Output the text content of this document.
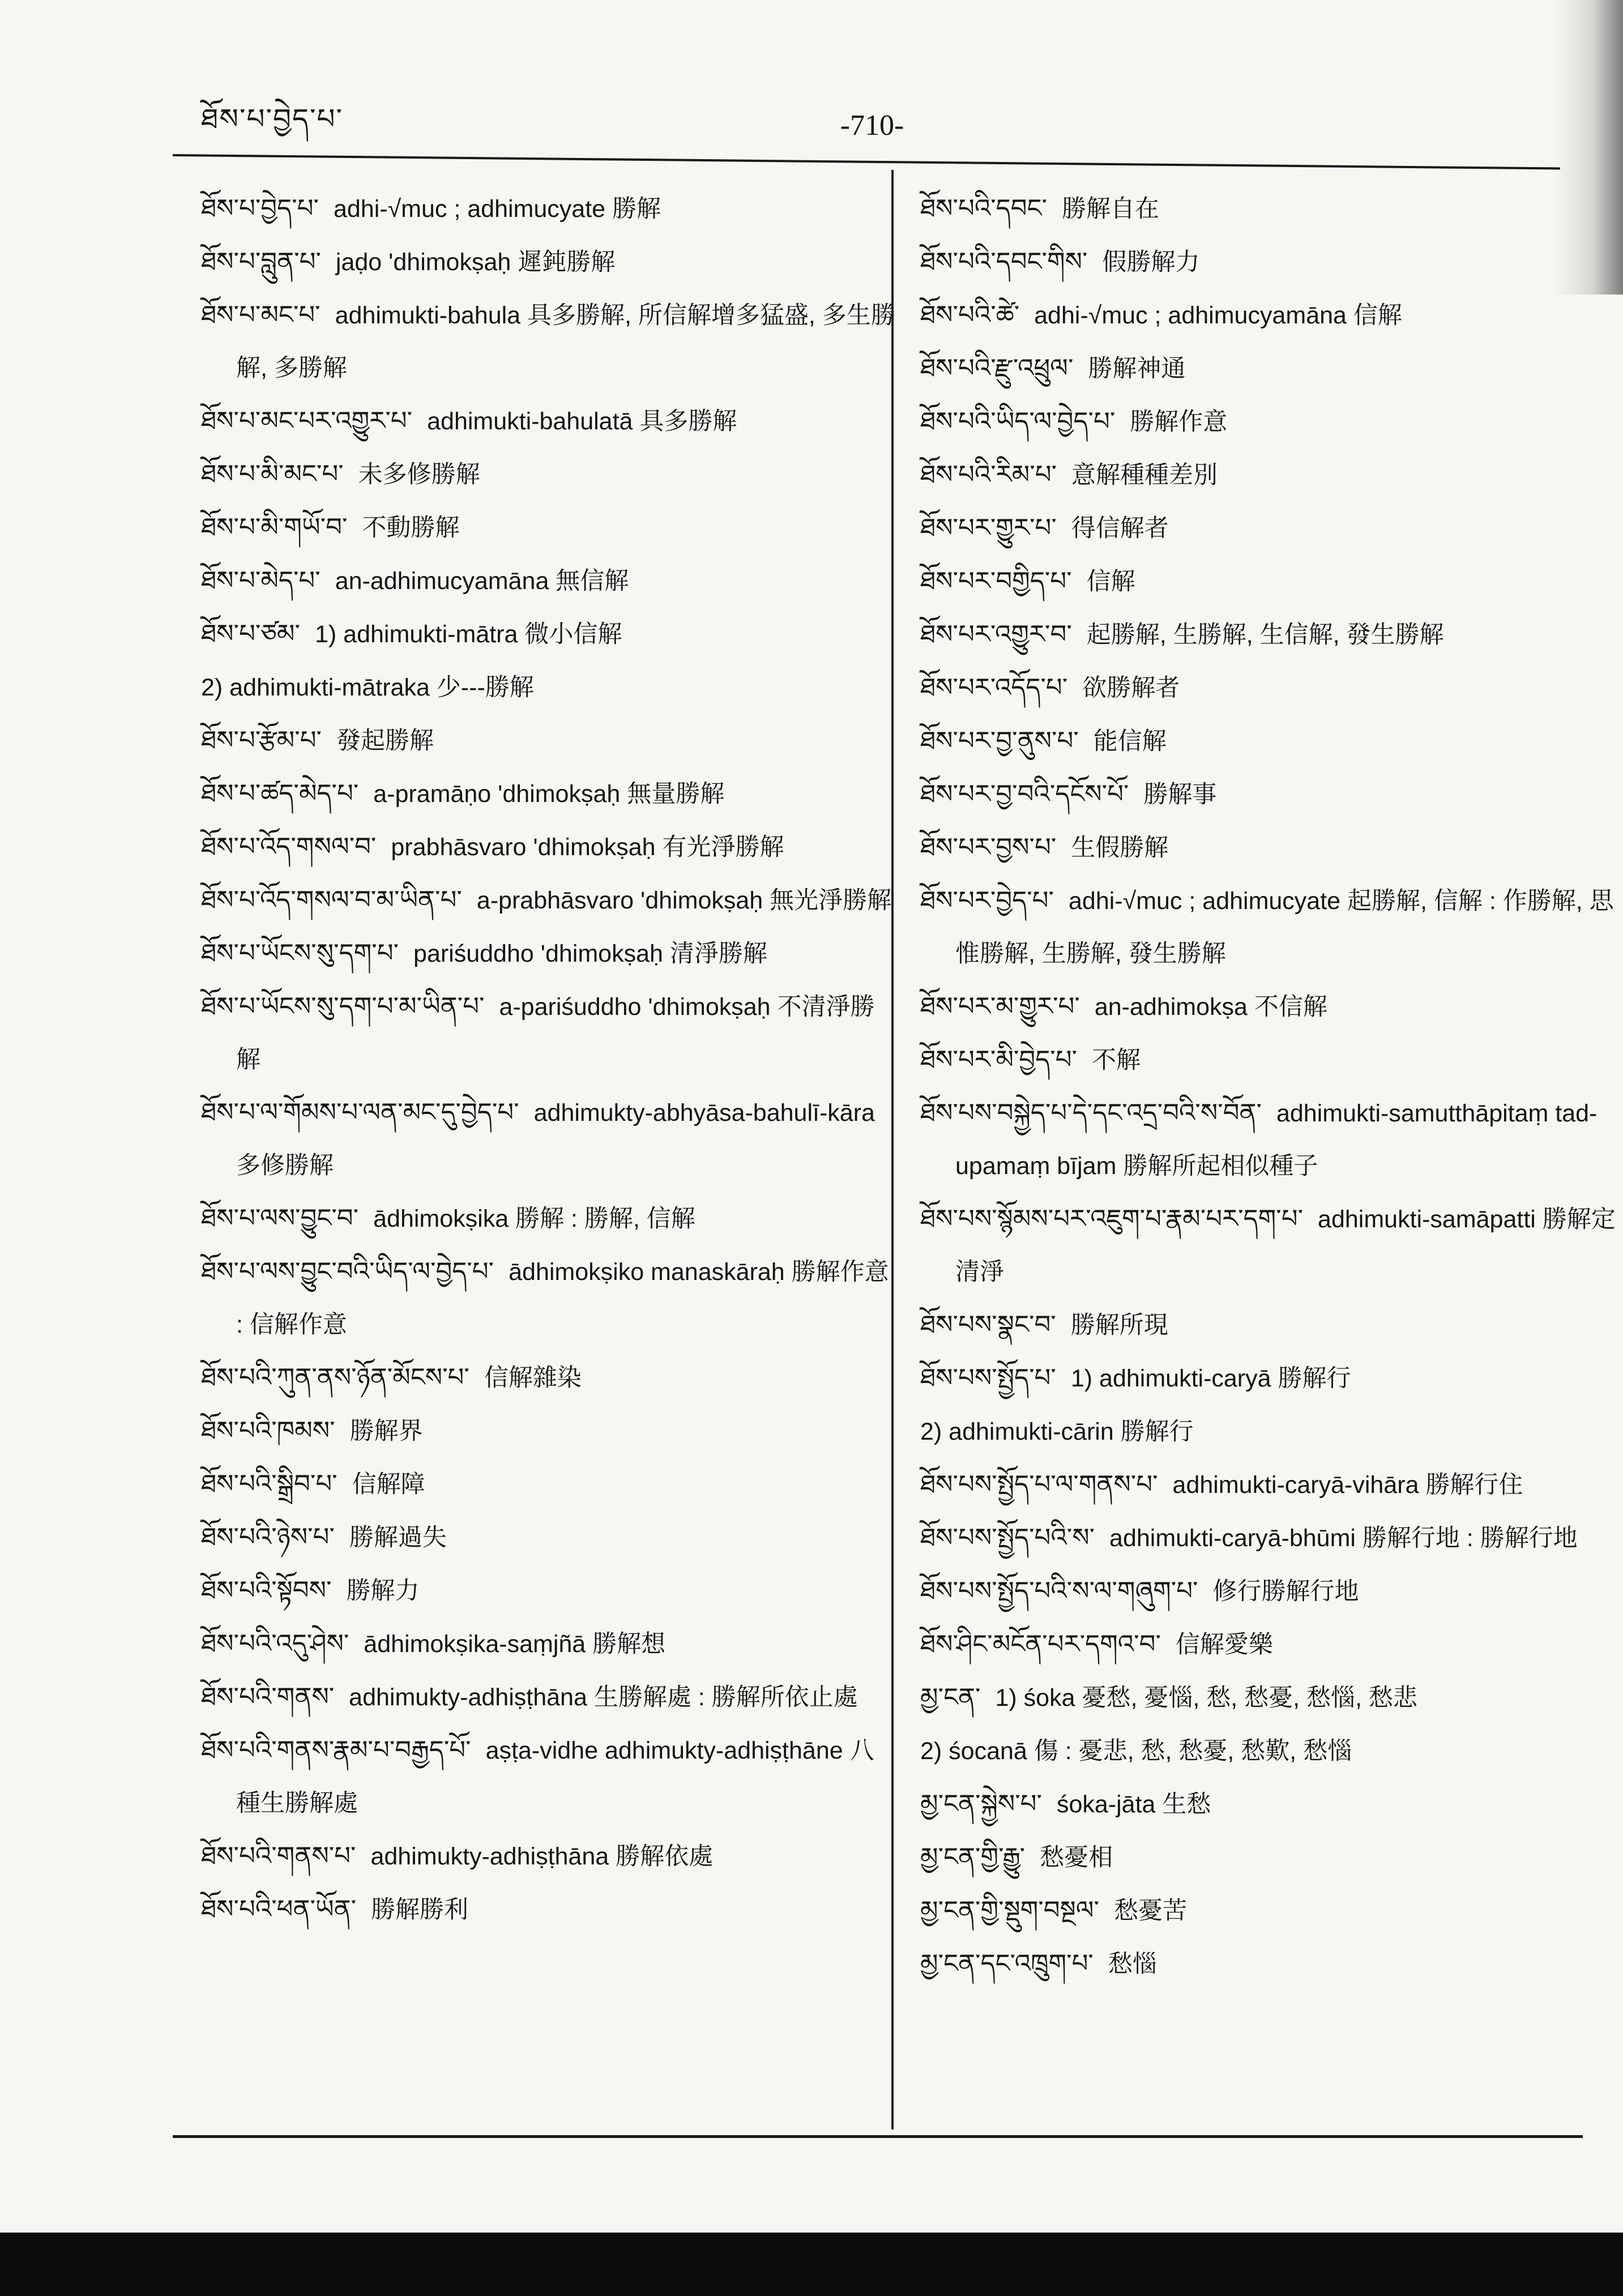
ཐོས་པ་བྱེད་པ་	-710-

ཐོས་པ་བྱེད་པ་ adhi-√muc ; adhimucyate 勝解

ཐོས་པ་བླུན་པ་ jaḍo 'dhimokṣaḥ 遲鈍勝解

ཐོས་པ་མང་པ་ adhimukti-bahula 具多勝解, 所信解增多猛盛, 多生勝解, 多勝解

ཐོས་པ་མང་པར་འགྱུར་པ་ adhimukti-bahulatā 具多勝解

ཐོས་པ་མི་མང་པ་ 未多修勝解

ཐོས་པ་མི་གཡོ་བ་ 不動勝解

ཐོས་པ་མེད་པ་ an-adhimucyamāna 無信解

ཐོས་པ་ཙམ་ 1) adhimukti-mātra 微小信解

2) adhimukti-mātraka 少---勝解

ཐོས་པ་རྩོམ་པ་ 發起勝解

ཐོས་པ་ཚད་མེད་པ་ a-pramāṇo 'dhimokṣaḥ 無量勝解

ཐོས་པ་འོད་གསལ་བ་ prabhāsvaro 'dhimokṣaḥ 有光淨勝解

ཐོས་པ་འོད་གསལ་བ་མ་ཡིན་པ་ a-prabhāsvaro 'dhimokṣaḥ 無光淨勝解

ཐོས་པ་ཡོངས་སུ་དག་པ་ pariśuddho 'dhimokṣaḥ 清淨勝解

ཐོས་པ་ཡོངས་སུ་དག་པ་མ་ཡིན་པ་ a-pariśuddho 'dhimokṣaḥ 不清淨勝解

ཐོས་པ་ལ་གོམས་པ་ལན་མང་དུ་བྱེད་པ་ adhimukty-abhyāsa-bahulī-kāra 多修勝解

ཐོས་པ་ལས་བྱུང་བ་ ādhimokṣika 勝解 : 勝解, 信解

ཐོས་པ་ལས་བྱུང་བའི་ཡིད་ལ་བྱེད་པ་ ādhimokṣiko manaskāraḥ 勝解作意 : 信解作意

ཐོས་པའི་ཀུན་ནས་ཉོན་མོངས་པ་ 信解雜染

ཐོས་པའི་ཁམས་ 勝解界

ཐོས་པའི་སྒྲིབ་པ་ 信解障

ཐོས་པའི་ཉེས་པ་ 勝解過失

ཐོས་པའི་སྟོབས་ 勝解力

ཐོས་པའི་འདུ་ཤེས་ ādhimokṣika-saṃjñā 勝解想

ཐོས་པའི་གནས་ adhimukty-adhiṣṭhāna 生勝解處 : 勝解所依止處

ཐོས་པའི་གནས་རྣམ་པ་བརྒྱད་པོ་ aṣṭa-vidhe adhimukty-adhiṣṭhāne 八種生勝解處

ཐོས་པའི་གནས་པ་ adhimukty-adhiṣṭhāna 勝解依處

ཐོས་པའི་ཕན་ཡོན་ 勝解勝利

ཐོས་པའི་དབང་ 勝解自在

ཐོས་པའི་དབང་གིས་ 假勝解力

ཐོས་པའི་ཚེ་ adhi-√muc ; adhimucyamāna 信解

ཐོས་པའི་རྫུ་འཕྲུལ་ 勝解神通

ཐོས་པའི་ཡིད་ལ་བྱེད་པ་ 勝解作意

ཐོས་པའི་རིམ་པ་ 意解種種差別

ཐོས་པར་གྱུར་པ་ 得信解者

ཐོས་པར་བགྱིད་པ་ 信解

ཐོས་པར་འགྱུར་བ་ 起勝解, 生勝解, 生信解, 發生勝解

ཐོས་པར་འདོད་པ་ 欲勝解者

ཐོས་པར་བྱ་ནུས་པ་ 能信解

ཐོས་པར་བྱ་བའི་དངོས་པོ་ 勝解事

ཐོས་པར་བྱས་པ་ 生假勝解

ཐོས་པར་བྱེད་པ་ adhi-√muc ; adhimucyate 起勝解, 信解 : 作勝解, 思惟勝解, 生勝解, 發生勝解

ཐོས་པར་མ་གྱུར་པ་ an-adhimokṣa 不信解

ཐོས་པར་མི་བྱེད་པ་ 不解

ཐོས་པས་བསྐྱེད་པ་དེ་དང་འདྲ་བའི་ས་བོན་ adhimukti-samutthāpitaṃ tad-upamaṃ bījam 勝解所起相似種子

ཐོས་པས་སྙོམས་པར་འཇུག་པ་རྣམ་པར་དག་པ་ adhimukti-samāpatti 勝解定清淨

ཐོས་པས་སྣང་བ་ 勝解所現

ཐོས་པས་སྤྱོད་པ་ 1) adhimukti-caryā 勝解行

2) adhimukti-cārin 勝解行

ཐོས་པས་སྤྱོད་པ་ལ་གནས་པ་ adhimukti-caryā-vihāra 勝解行住

ཐོས་པས་སྤྱོད་པའི་ས་ adhimukti-caryā-bhūmi 勝解行地 : 勝解行地

ཐོས་པས་སྤྱོད་པའི་ས་ལ་གཞུག་པ་ 修行勝解行地

ཐོས་ཤིང་མངོན་པར་དགའ་བ་ 信解愛樂

མྱ་ངན་ 1) śoka 憂愁, 憂惱, 愁, 愁憂, 愁惱, 愁悲

2) śocanā 傷 : 憂悲, 愁, 愁憂, 愁歎, 愁惱

མྱ་ངན་སྐྱེས་པ་ śoka-jāta 生愁

མྱ་ངན་གྱི་རྒྱུ་ 愁憂相

མྱ་ངན་གྱི་སྡུག་བསྔལ་ 愁憂苦

མྱ་ངན་དང་འཁྲུག་པ་ 愁惱
